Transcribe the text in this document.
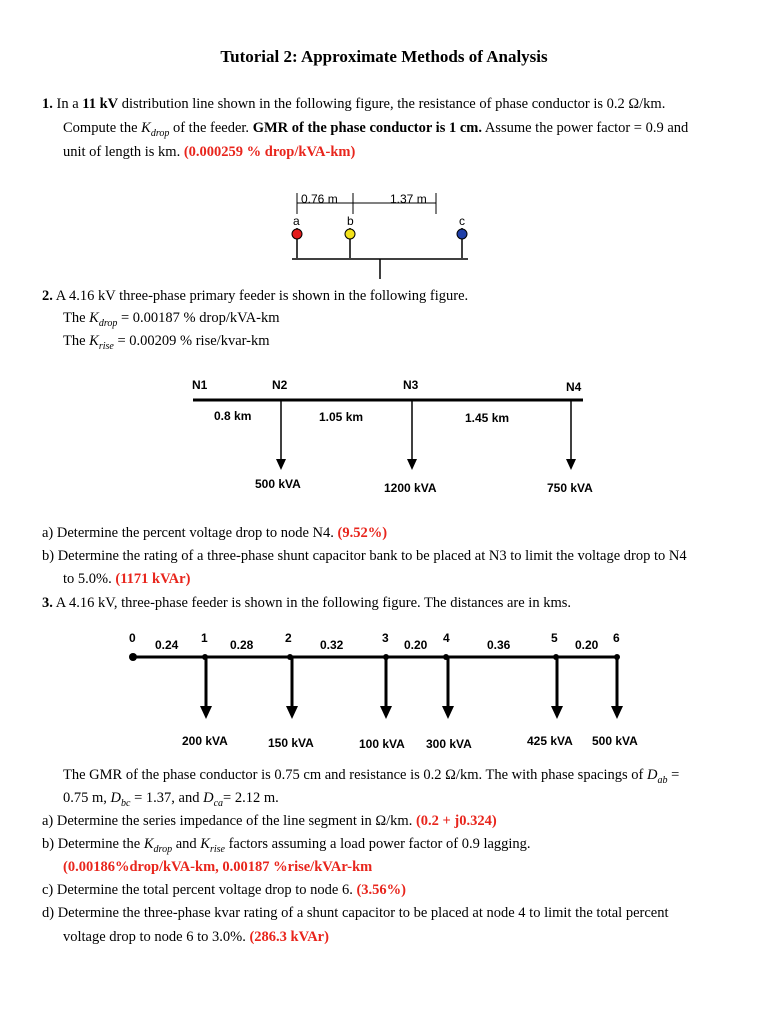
Tutorial 2: Approximate Methods of Analysis
1. In a 11 kV distribution line shown in the following figure, the resistance of phase conductor is 0.2 Ω/km.
Compute the $K_{drop}$ of the feeder. GMR of the phase conductor is 1 cm. Assume the power factor = 0.9 and
unit of length is km. (0.000259 % drop/kVA-km)
0.76 m	1.37 m
a	b	c
2. A 4.16 kV three-phase primary feeder is shown in the following figure.
The $K_{drop} = 0.00187$ % drop/kVA-km
The $K_{rise} = 0.00209$ % rise/kvar-km
N1	N2	N3	N4
0.8 km	1.05 km	1.45 km
500 kVA	1200 kVA	750 kVA
a) Determine the percent voltage drop to node N4. (9.52%)
b) Determine the rating of a three-phase shunt capacitor bank to be placed at N3 to limit the voltage drop to N4
to 5.0%. (1171 kVAr)
3. A 4.16 kV, three-phase feeder is shown in the following figure. The distances are in kms.
0	1	2	3	4	5	6
0.24	0.28	0.32	0.20	0.36	0.20
200 kVA	150 kVA	100 kVA 300 kVA	425 kVA 500 kVA
The GMR of the phase conductor is 0.75 cm and resistance is 0.2 Ω/km. The with phase spacings of $D_{ab}$ =
0.75 m, $D_{bc} = 1.37$, and $D_{ca}= 2.12$ m.
a) Determine the series impedance of the line segment in Ω/km. (0.2 + j0.324)
b) Determine the $K_{drop}$ and $K_{rise}$ factors assuming a load power factor of 0.9 lagging.
(0.00186%drop/kVA-km, 0.00187 %rise/kVAr-km
c) Determine the total percent voltage drop to node 6. (3.56%)
d) Determine the three-phase kvar rating of a shunt capacitor to be placed at node 4 to limit the total percent
voltage drop to node 6 to 3.0%. (286.3 kVAr)
